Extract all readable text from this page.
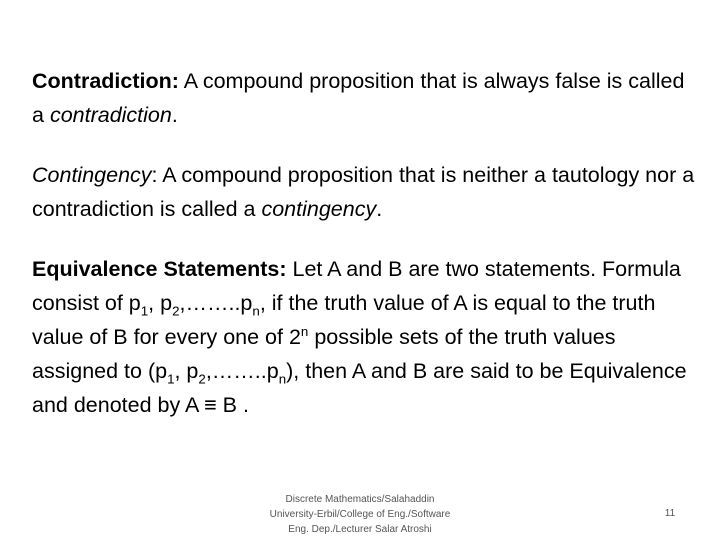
Contradiction: A compound proposition that is always false is called a contradiction.

Contingency: A compound proposition that is neither a tautology nor a contradiction is called a contingency.

Equivalence Statements: Let A and B are two statements. Formula consist of $p_1$, $p_2,\dots\dots..p_n$, if the truth value of A is equal to the truth value of B for every one of 2$^n$ possible sets of the truth values assigned to ($p_1$, $p_2,\dots\dots..p_n$), then A and B are said to be Equivalence and denoted by A ≡ B .

Discrete Mathematics/Salahaddin
University-Erbil/College of Eng./Software
Eng. Dep./Lecturer Salar Atroshi
11
